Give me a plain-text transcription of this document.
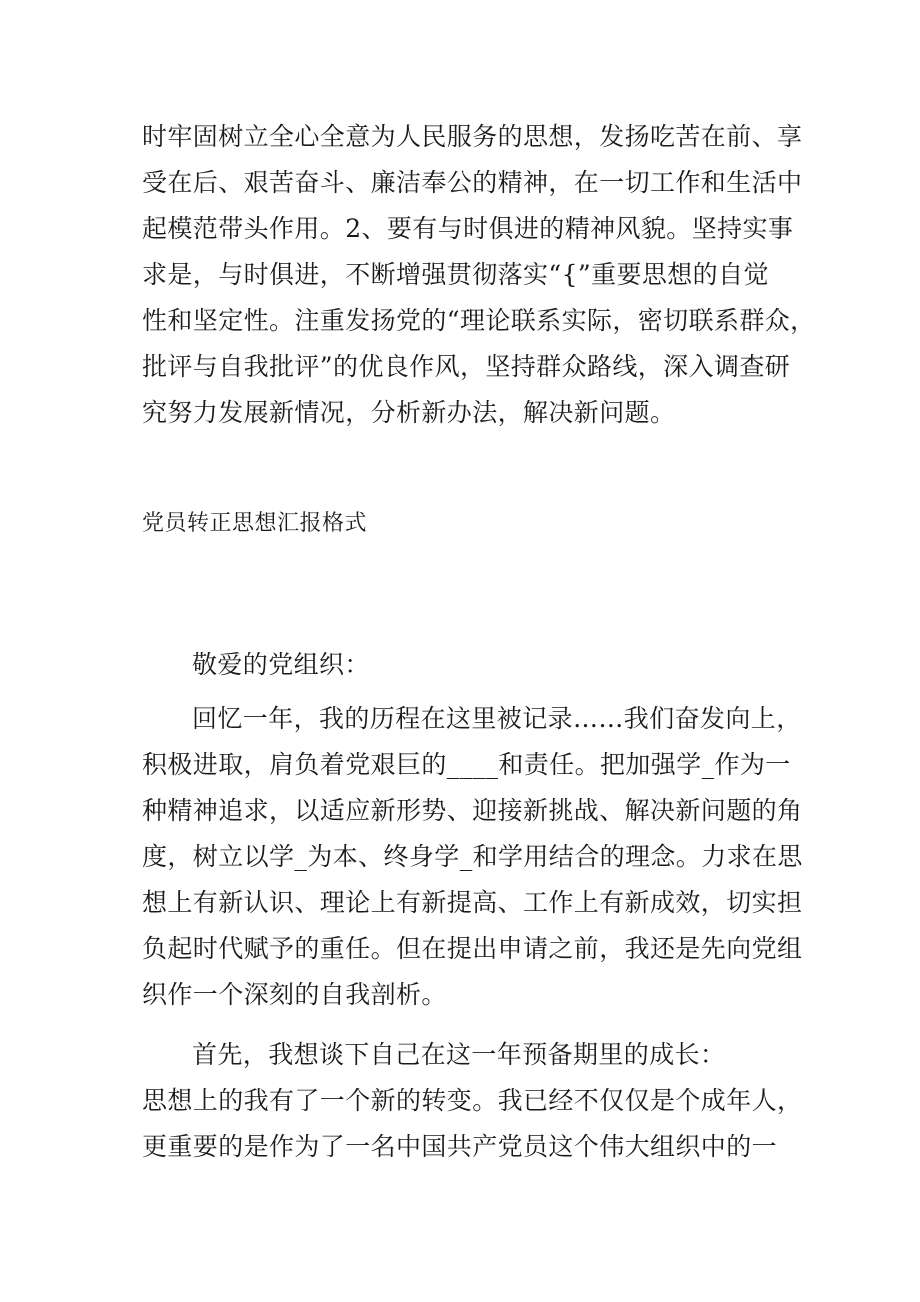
时牢固树立全心全意为人民服务的思想，发扬吃苦在前、享
受在后、艰苦奋斗、廉洁奉公的精神，在一切工作和生活中
起模范带头作用。2、要有与时俱进的精神风貌。坚持实事
求是，与时俱进，不断增强贯彻落实“{”重要思想的自觉
性和坚定性。注重发扬党的“理论联系实际，密切联系群众，
批评与自我批评”的优良作风，坚持群众路线，深入调查研
究努力发展新情况，分析新办法，解决新问题。
党员转正思想汇报格式
敬爱的党组织：
回忆一年，我的历程在这里被记录……我们奋发向上，
积极进取，肩负着党艰巨的____和责任。把加强学_作为一
种精神追求，以适应新形势、迎接新挑战、解决新问题的角
度，树立以学_为本、终身学_和学用结合的理念。力求在思
想上有新认识、理论上有新提高、工作上有新成效，切实担
负起时代赋予的重任。但在提出申请之前，我还是先向党组
织作一个深刻的自我剖析。
首先，我想谈下自己在这一年预备期里的成长：
思想上的我有了一个新的转变。我已经不仅仅是个成年人，
更重要的是作为了一名中国共产党员这个伟大组织中的一
